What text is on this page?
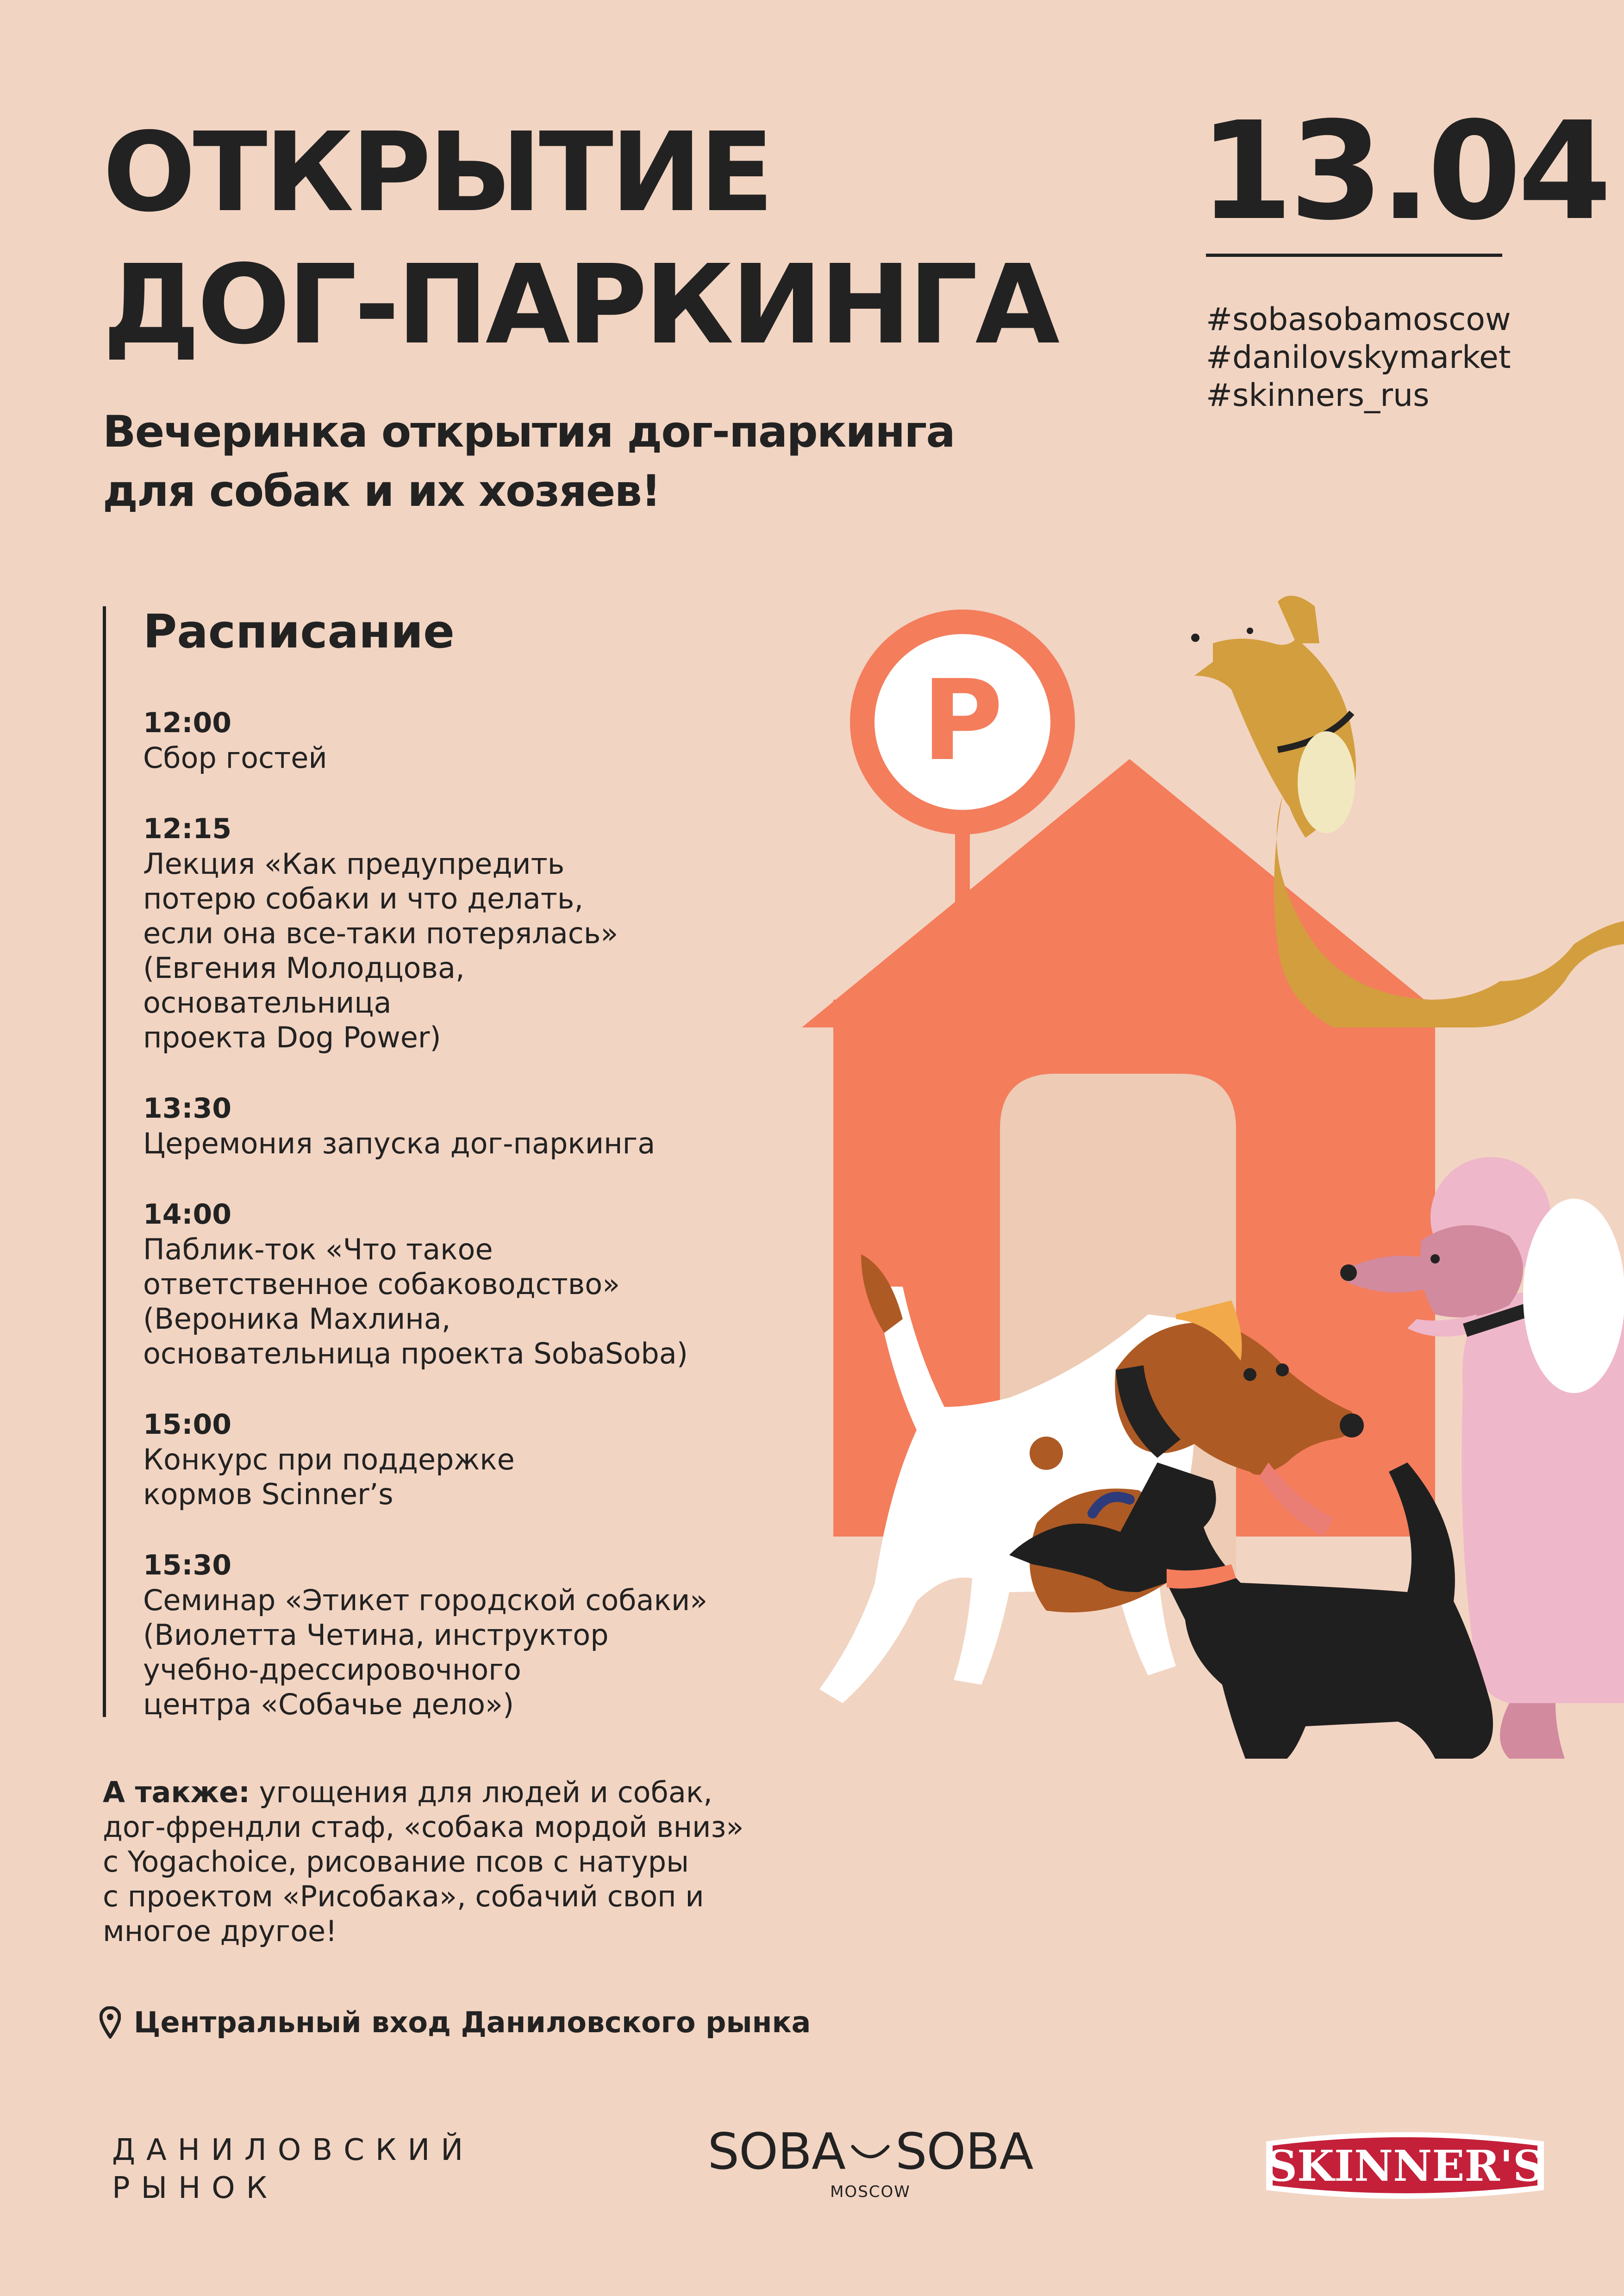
ОТКРЫТИЕ
ДОГ-ПАРКИНГА
Вечеринка открытия дог-паркинга
для собак и их хозяев!
13.04
#sobasobamoscow
#danilovskymarket
#skinners_rus
Расписание
12:00
Сбор гостей
12:15
Лекция «Как предупредить
потерю собаки и что делать,
если она все-таки потерялась»
(Евгения Молодцова,
основательница
проекта Dog Power)
13:30
Церемония запуска дог-паркинга
14:00
Паблик-ток «Что такое
ответственное собаководство»
(Вероника Махлина,
основательница проекта SobaSoba)
15:00
Конкурс при поддержке
кормов Scinner’s
15:30
Семинар «Этикет городской собаки»
(Виолетта Четина, инструктор
учебно-дрессировочного
центра «Собачье дело»)
А также: угощения для людей и собак,
дог-френдли стаф, «собака мордой вниз»
с Yogachoice, рисование псов с натуры
с проектом «Рисобака», собачий своп и
многое другое!
Центральный вход Даниловского рынка
ДАНИЛОВСКИЙ
РЫНОК
SOBA SOBA
MOSCOW
SKINNER'S
P
